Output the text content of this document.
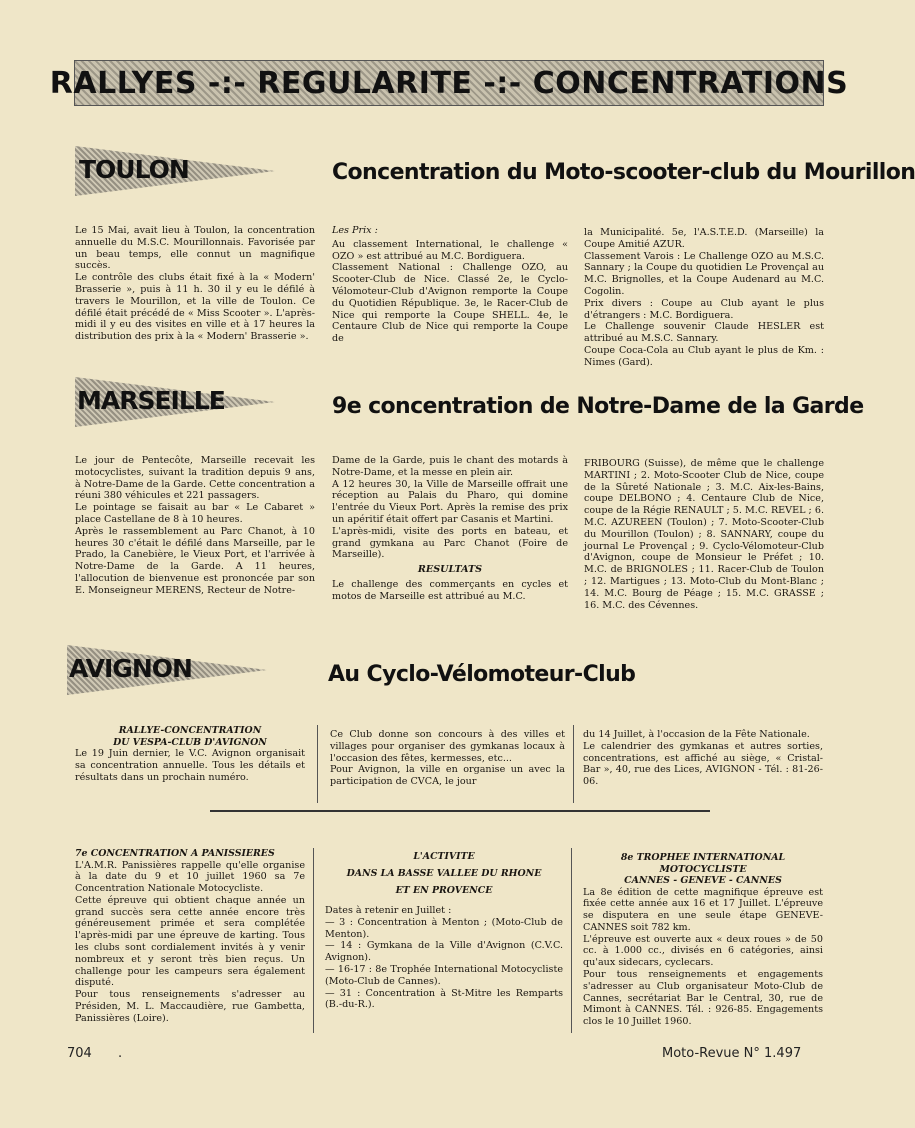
RALLYES -:- REGULARITE -:- CONCENTRATIONS
TOULON	Concentration du Moto-scooter-club du Mourillon

Le 15 Mai, avait lieu à Toulon, la concentration annuelle du M.S.C. Mourillonnais. Favorisée par un beau temps, elle connut un magnifique succès.
Le contrôle des clubs était fixé à la « Modern' Brasserie », puis à 11 h. 30 il y eu le défilé à travers le Mourillon, et la ville de Toulon. Ce défilé était précédé de « Miss Scooter ». L'après-midi il y eu des visites en ville et à 17 heures la distribution des prix à la « Modern' Brasserie ».

Les Prix :

Au classement International, le challenge « OZO » est attribué au M.C. Bordiguera.
Classement National : Challenge OZO, au Scooter-Club de Nice. Classé 2e, le Cyclo-Vélomoteur-Club d'Avignon remporte la Coupe du Quotidien République. 3e, le Racer-Club de Nice qui remporte la Coupe SHELL. 4e, le Centaure Club de Nice qui remporte la Coupe de

la Municipalité. 5e, l'A.S.T.E.D. (Marseille) la Coupe Amitié AZUR.
Classement Varois : Le Challenge OZO au M.S.C. Sannary ; la Coupe du quotidien Le Provençal au M.C. Brignolles, et la Coupe Audenard au M.C. Cogolin.
Prix divers : Coupe au Club ayant le plus d'étrangers : M.C. Bordiguera.
Le Challenge souvenir Claude HESLER est attribué au M.S.C. Sannary.
Coupe Coca-Cola au Club ayant le plus de Km. : Nimes (Gard).

MARSEILLE	9e concentration de Notre-Dame de la Garde

Le jour de Pentecôte, Marseille recevait les motocyclistes, suivant la tradition depuis 9 ans, à Notre-Dame de la Garde. Cette concentration a réuni 380 véhicules et 221 passagers.
Le pointage se faisait au bar « Le Cabaret » place Castellane de 8 à 10 heures.
Après le rassemblement au Parc Chanot, à 10 heures 30 c'était le défilé dans Marseille, par le Prado, la Canebière, le Vieux Port, et l'arrivée à Notre-Dame de la Garde. A 11 heures, l'allocution de bienvenue est prononcée par son E. Monseigneur MERENS, Recteur de Notre-

Dame de la Garde, puis le chant des motards à Notre-Dame, et la messe en plein air.
A 12 heures 30, la Ville de Marseille offrait une réception au Palais du Pharo, qui domine l'entrée du Vieux Port. Après la remise des prix un apéritif était offert par Casanis et Martini.
L'après-midi, visite des ports en bateau, et grand gymkana au Parc Chanot (Foire de Marseille).

RESULTATS

Le challenge des commerçants en cycles et motos de Marseille est attribué au M.C.

FRIBOURG (Suisse), de même que le challenge MARTINI ; 2. Moto-Scooter Club de Nice, coupe de la Sûreté Nationale ; 3. M.C. Aix-les-Bains, coupe DELBONO ; 4. Centaure Club de Nice, coupe de la Régie RENAULT ; 5. M.C. REVEL ; 6. M.C. AZUREEN (Toulon) ; 7. Moto-Scooter-Club du Mourillon (Toulon) ; 8. SANNARY, coupe du journal Le Provençal ; 9. Cyclo-Vélomoteur-Club d'Avignon, coupe de Monsieur le Préfet ; 10. M.C. de BRIGNOLES ; 11. Racer-Club de Toulon ; 12. Martigues ; 13. Moto-Club du Mont-Blanc ; 14. M.C. Bourg de Péage ; 15. M.C. GRASSE ; 16. M.C. des Cévennes.

AVIGNON	Au Cyclo-Vélomoteur-Club

RALLYE-CONCENTRATION
DU VESPA-CLUB D'AVIGNON

Le 19 Juin dernier, le V.C. Avignon organisait sa concentration annuelle. Tous les détails et résultats dans un prochain numéro.

Ce Club donne son concours à des villes et villages pour organiser des gymkanas locaux à l'occasion des fêtes, kermesses, etc...
Pour Avignon, la ville en organise un avec la participation de CVCA, le jour

du 14 Juillet, à l'occasion de la Fête Nationale.
Le calendrier des gymkanas et autres sorties, concentrations, est affiché au siège, « Cristal-Bar », 40, rue des Lices, AVIGNON - Tél. : 81-26-06.

7e CONCENTRATION A PANISSIERES

L'A.M.R. Panissières rappelle qu'elle organise à la date du 9 et 10 juillet 1960 sa 7e Concentration Nationale Motocycliste.
Cette épreuve qui obtient chaque année un grand succès sera cette année encore très généreusement primée et sera complétée l'après-midi par une épreuve de karting. Tous les clubs sont cordialement invités à y venir nombreux et y seront très bien reçus. Un challenge pour les campeurs sera également disputé.
Pour tous renseignements s'adresser au Présiden, M. L. Maccaudière, rue Gambetta, Panissières (Loire).

L'ACTIVITE
DANS LA BASSE VALLEE DU RHONE
ET EN PROVENCE

Dates à retenir en Juillet :
— 3 : Concentration à Menton ; (Moto-Club de Menton).
— 14 : Gymkana de la Ville d'Avignon (C.V.C. Avignon).
— 16-17 : 8e Trophée International Motocycliste (Moto-Club de Cannes).
— 31 : Concentration à St-Mitre les Remparts (B.-du-R.).

8e TROPHEE INTERNATIONAL
MOTOCYCLISTE
CANNES - GENEVE - CANNES

La 8e édition de cette magnifique épreuve est fixée cette année aux 16 et 17 Juillet. L'épreuve se disputera en une seule étape GENEVE-CANNES soit 782 km.
L'épreuve est ouverte aux « deux roues » de 50 cc. à 1.000 cc., divisés en 6 catégories, ainsi qu'aux sidecars, cyclecars.
Pour tous renseignements et engagements s'adresser au Club organisateur Moto-Club de Cannes, secrétariat Bar le Central, 30, rue de Mimont à CANNES. Tél. : 926-85. Engagements clos le 10 Juillet 1960.

704 .	Moto-Revue N° 1.497
